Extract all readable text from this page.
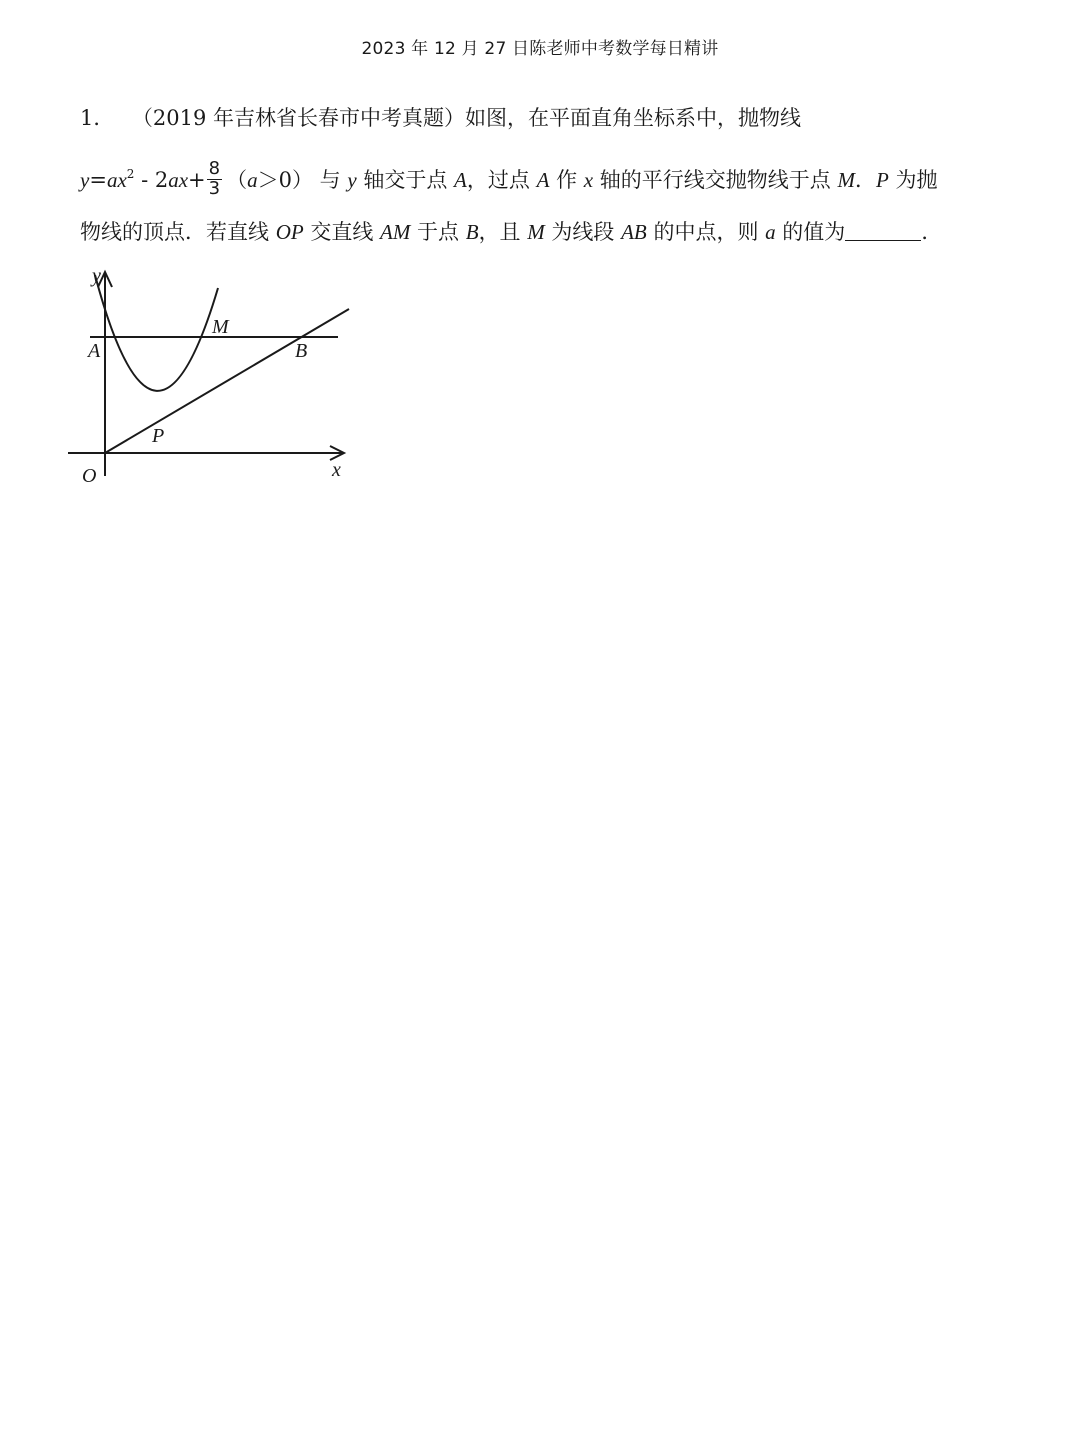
2023 年 12 月 27 日陈老师中考数学每日精讲
1． （2019 年吉林省长春市中考真题）如图，在平面直角坐标系中，抛物线
$y=ax^2 - 2ax+ \frac{8}{3} (a>0)$ 与 y 轴交于点 A，过点 A 作 x 轴的平行线交抛物线于点 M．P 为抛
物线的顶点．若直线 OP 交直线 AM 于点 B，且 M 为线段 AB 的中点，则 a 的值为	．
y
x
O
A
M
B
P
